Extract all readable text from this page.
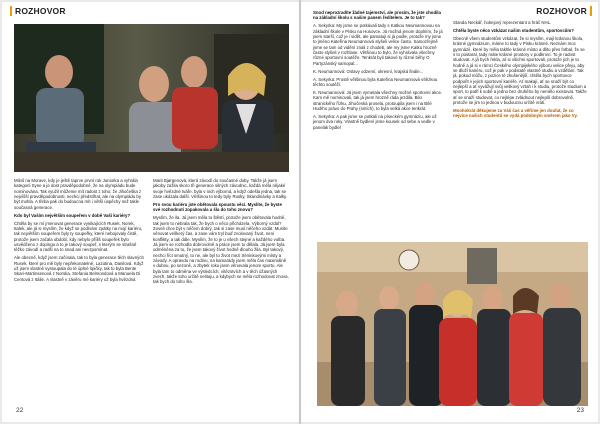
ROZHOVOR

Miloš na Morave, kdy je ještě taprve první rok Juniorka a vyhrála kategorii Syne a je dost pravděpodobné, že na olympiádu bude nominována. Tak využil můžeme mít radost z toho, že Jihočeška z nejvíšší pravděpodobnosti, nechci předstíhat, ale na olympiádu by být mohla. A třeba pak do budoucna mít i větší úspěchy než takle současná generace.

Kdo byl Vaším největším soupeřem v době Vaší kariéry?

Chtěla by se mí jmenovat generace vynikajících Rusek, Norek, Italek, ale já si myslím, že když se podívám zpátky na mojí kariéru, tak největším soupeřem byly ty soupeřky, které nebojovaly čistě, protože jsem začala období, kdy nebylo příliš soupeřek bylo usvědčeno z dopingu a to je takový soupeř, s kterým se strašně těžko závodí a radši na to snad ani nevzpomínat.

Ale obecně, když jsem začínala, tak to byla generace těch slavných Rusek, které pro mě byly nepřekonatelné, Lazutina, Danilová. Když už jsem vlastně vystoupala do té úplné špičky, tak to byla Bente Skari-Martinsenová z Norska, Stefania Belmondová a Manuela Di Centová z Itálie. A vlastně v závěru mé kariéry už byla hvězdná

Marit Bjørgenová, která závodí do současné doby. Takže já jsem jakoby zažila skoro tři generace silných závodnic, každá měla nějaké svoje hvězdné tváře, byla v nich výborná, a když odešla jedna, tak se zase ukázala další. Většinou to tedy byly Rusky, Skandinávky a Italky.

Pro svou kariéru jste obětovala spoustu věcí. Myslíte, že byste své rozhodnutí zopakovala a šla do toho znovu?

Myslím, že ila. Já jsem měla to štěstí, protože jsem obětovala hodně, tak jsem to nebrala tak, že bych o něco přicházela. Výborný vzdal? Zoveli chce být v něčem dobrý, tak si zase musí něčeho vzdát. Musíte věnovat veškerý čas, a zase vám tryl buď zvolovaný život, není konflikty, a tak dále. Myslím, že to je u všech stejné a každého volba. Já jsem se rozhodla dobrovolně a práce jsem to dělala. Já jsem byla odměněna za to, že jsem takový život hodně dlouho žila. Byl takový, nechci říct smutný, to ne, ale byl to život mezi tréninkovými místy a závody. A opravdu na rodinu, na kamarády jsem měla čas maximálně v dubnu, po sezoně, a zbytek roku jsem věnovala jenom sportu. Ale byla tam to odměna ve výsledcích, vítězstvích a v těch úžasných zvech, takže toho určitě nelituju, a kdybych se měla rozhodovat znova, tak bych do toho šla.

22
ROZHOVOR

Snod neprozradíte žádné tajemství, ale prosím, že jste chodila na základní školu s našim panem ředitelem. Je to tak?

A. Sekyrka: My jsme se potkávali tady s Katkou Neumannovou na základní škole v Písku na Husovce. Já možná jenom doplním, že já jsem starší, což je i vidět, ale pamatuji si já podle, protože my jsme to jméno Kateřina Neumannová slyšeli velice často. Samozřejmě jsme se tam od vidění znali z chodeb, ale my jsme Katku hrozně často slyšeli v rozhlase. Většinou to bylo, že vyhrávala všechny různé sportovní soutěže. Tenkrát byli takové ty různé běhy O Partyzánský samopal...

K. Neumannová: Oslavy odzemí, okresní, krajská finále...

A. Sekyrka: Prostě většinou byla Kateřina Neumannová vítězkou těchto soutěží.

K. Neumannová: Já jsem vymetala všechny možné sportovní akce. Kam mě nominovali, tak já jsem hrozně ráda jezdila. Bilo stranického řízku, Jihočeská prosela, protoupila jsem i na Bílé Hudrho právo do Prahy (smích), to byla velká akce tenkrát.

A. Sekyrka: A pak jsme se potkali na píseckém gymnáziu, ale už jenom dva roky. Vlastně bydlení jsme kousek od sebe a vedle v panelák bydlel

Standa Neckář, hokejový reprezentant a hráč NHL.

Chtěla byste něco vzkázat našim studentům, sportovcům?

Obecně všem studentům vzkázat, že si myslím, mají krásnou školu, krásné gymnázium, máme to tady v Písku krásné. Neznám moc gymnázií, které by měla takhle krásné místo a dlitu přes fotbal, že se s to postaral, tady máte krásné prostory v podkroví. To je radost studovat. A já bych řekla, ať si všichni sportovali, protože jich je to hodně a já si v rámci Českého olympijského výboru velice přeju, aby se dluží kariéru, což je pak v podstatě vlastně studiu a vzdělání. Tak já, pokud můžu, z pozice té zkušenější, chtěla bych sportovce podpořit v jejich sportovní kariéře. Ať makají, ať se snaží být co nejlepší a ať vyvážují svůj velikový vztah i k studiu, protože studium a sport, to patří k sobě a jedno bez druhého by nemělo existovat. Takže ať se snaží studovat, co nejlépe zvládnout nejlepší dobrovolně, protože se jim to jednou v budoucnu určitě vrátí.

Mnohokrát děkujeme za Váš čas a věříme jen doufat, že co nejvíce našich studentů se vydá podobným směrem jako Vy.

23
